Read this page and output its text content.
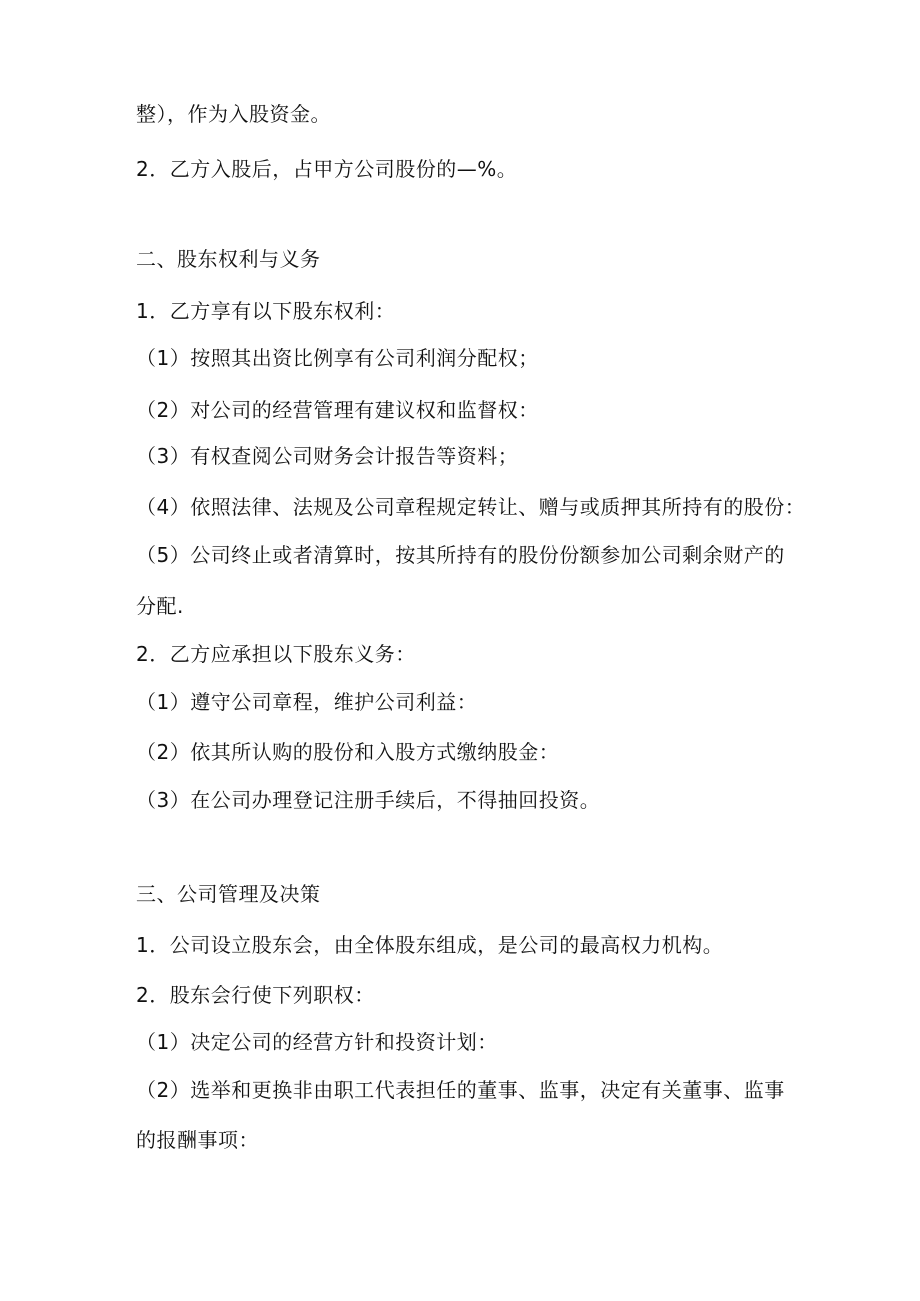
整），作为入股资金。
2．乙方入股后，占甲方公司股份的—%。
二、股东权利与义务
1．乙方享有以下股东权利：
（1）按照其出资比例享有公司利润分配权；
（2）对公司的经营管理有建议权和监督权：
（3）有权查阅公司财务会计报告等资料；
（4）依照法律、法规及公司章程规定转让、赠与或质押其所持有的股份：
（5）公司终止或者清算时，按其所持有的股份份额参加公司剩余财产的
分配.
2．乙方应承担以下股东义务：
（1）遵守公司章程，维护公司利益：
（2）依其所认购的股份和入股方式缴纳股金：
（3）在公司办理登记注册手续后，不得抽回投资。
三、公司管理及决策
1．公司设立股东会，由全体股东组成，是公司的最高权力机构。
2．股东会行使下列职权：
（1）决定公司的经营方针和投资计划：
（2）选举和更换非由职工代表担任的董事、监事，决定有关董事、监事
的报酬事项：
